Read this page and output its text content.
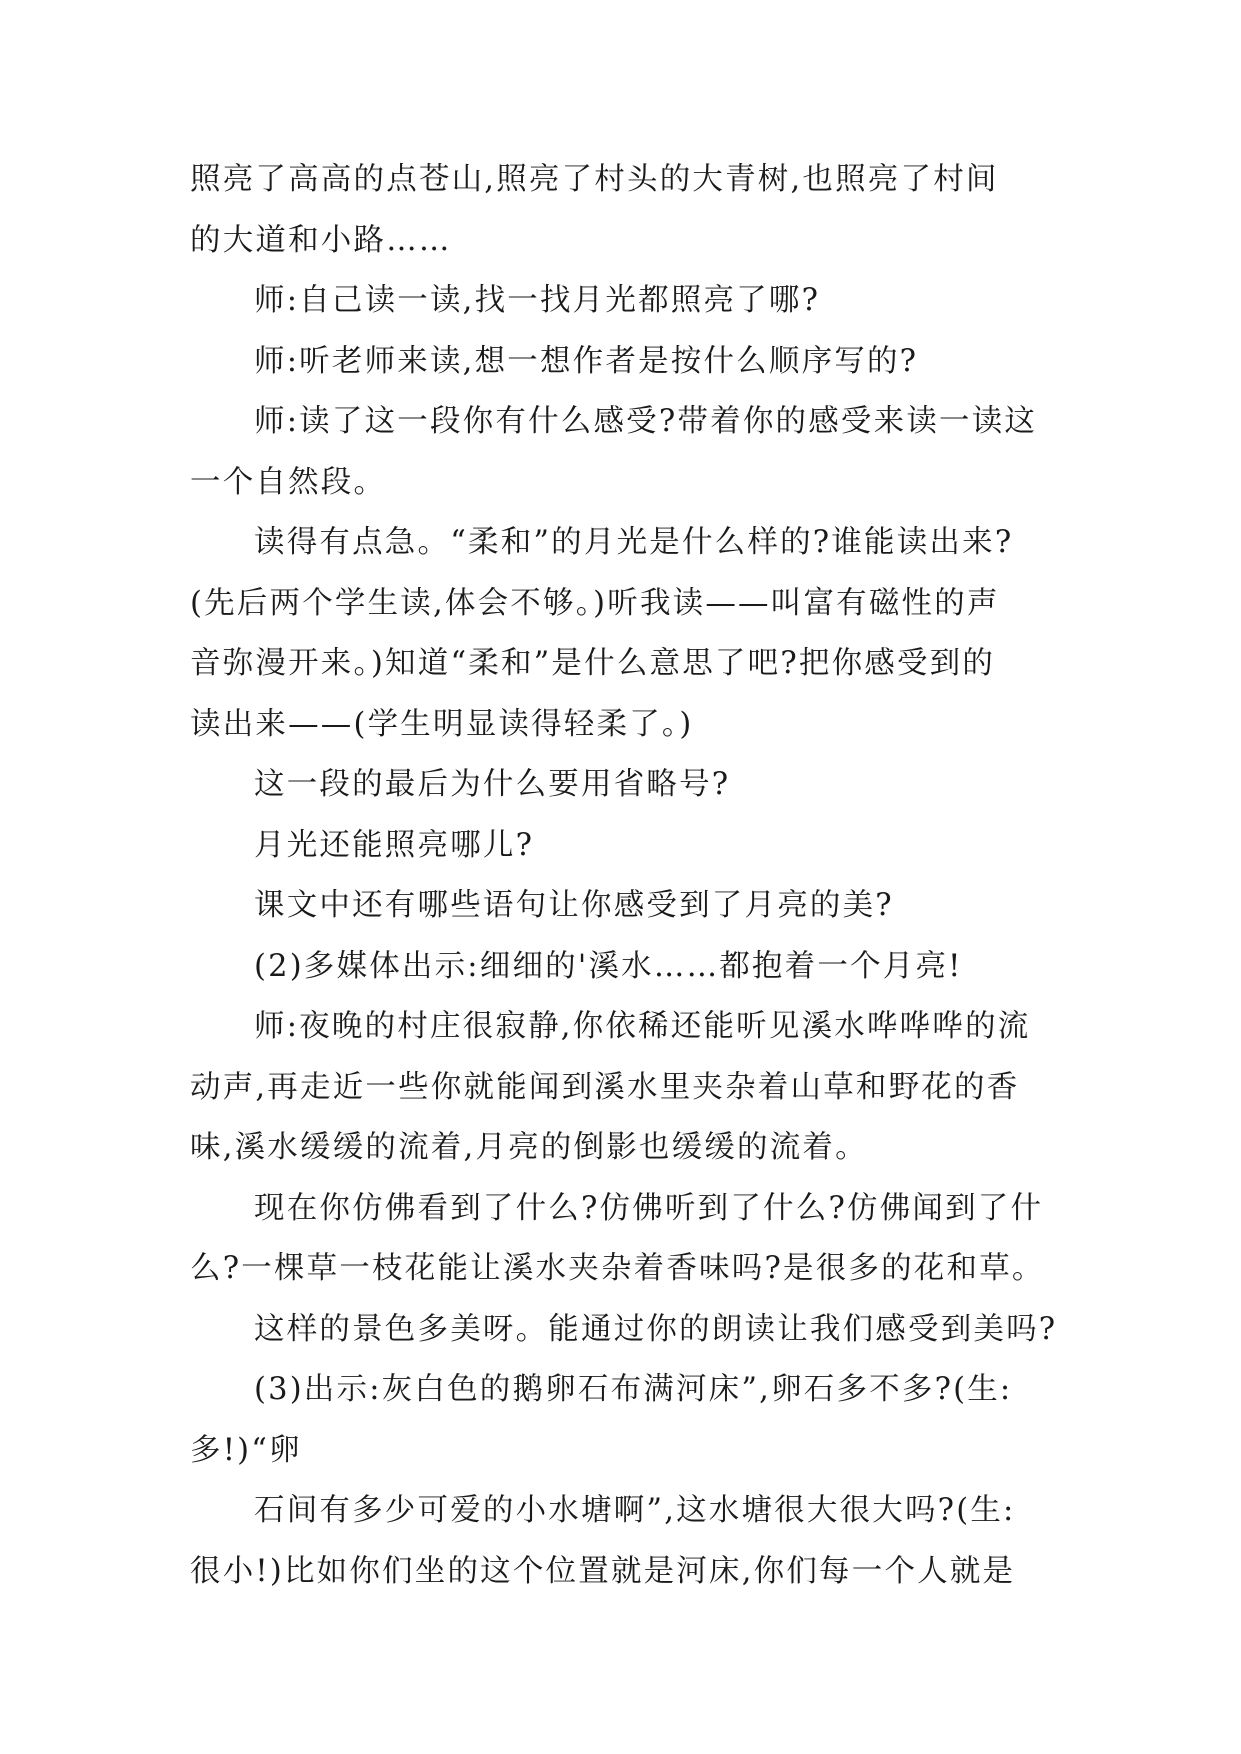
照亮了高高的点苍山,照亮了村头的大青树,也照亮了村间
的大道和小路……
师:自己读一读,找一找月光都照亮了哪?
师:听老师来读,想一想作者是按什么顺序写的?
师:读了这一段你有什么感受?带着你的感受来读一读这
一个自然段。
读得有点急。“柔和”的月光是什么样的?谁能读出来?
(先后两个学生读,体会不够。)听我读——叫富有磁性的声
音弥漫开来。)知道“柔和”是什么意思了吧?把你感受到的
读出来——(学生明显读得轻柔了。)
这一段的最后为什么要用省略号?
月光还能照亮哪儿?
课文中还有哪些语句让你感受到了月亮的美?
(2)多媒体出示:细细的'溪水……都抱着一个月亮!
师:夜晚的村庄很寂静,你依稀还能听见溪水哗哗哗的流
动声,再走近一些你就能闻到溪水里夹杂着山草和野花的香
味,溪水缓缓的流着,月亮的倒影也缓缓的流着。
现在你仿佛看到了什么?仿佛听到了什么?仿佛闻到了什
么?一棵草一枝花能让溪水夹杂着香味吗?是很多的花和草。
这样的景色多美呀。能通过你的朗读让我们感受到美吗?
(3)出示:灰白色的鹅卵石布满河床”,卵石多不多?(生:
多!)“卵
石间有多少可爱的小水塘啊”,这水塘很大很大吗?(生:
很小!)比如你们坐的这个位置就是河床,你们每一个人就是
